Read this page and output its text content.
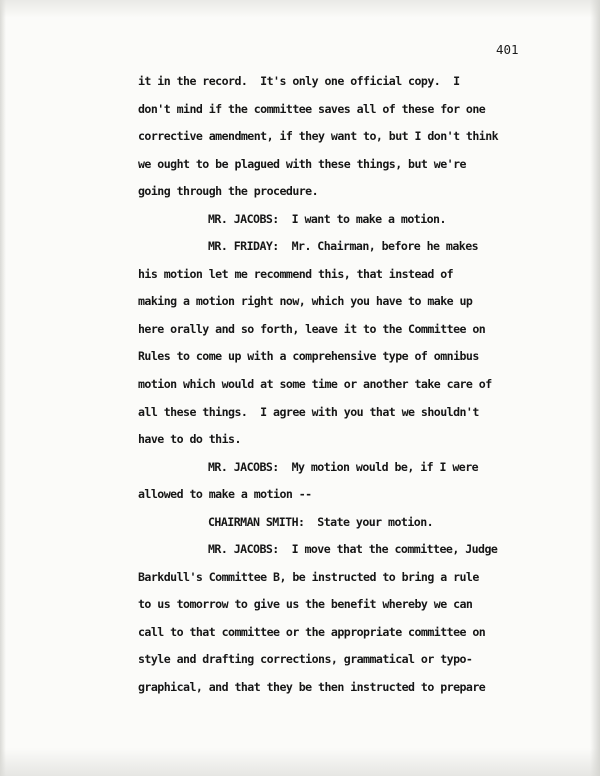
401

it in the record.  It's only one official copy.  I

don't mind if the committee saves all of these for one

corrective amendment, if they want to, but I don't think

we ought to be plagued with these things, but we're

going through the procedure.

MR. JACOBS:  I want to make a motion.

MR. FRIDAY:  Mr. Chairman, before he makes

his motion let me recommend this, that instead of

making a motion right now, which you have to make up

here orally and so forth, leave it to the Committee on

Rules to come up with a comprehensive type of omnibus

motion which would at some time or another take care of

all these things.  I agree with you that we shouldn't

have to do this.

MR. JACOBS:  My motion would be, if I were

allowed to make a motion --

CHAIRMAN SMITH:  State your motion.

MR. JACOBS:  I move that the committee, Judge

Barkdull's Committee B, be instructed to bring a rule

to us tomorrow to give us the benefit whereby we can

call to that committee or the appropriate committee on

style and drafting corrections, grammatical or typo-

graphical, and that they be then instructed to prepare
